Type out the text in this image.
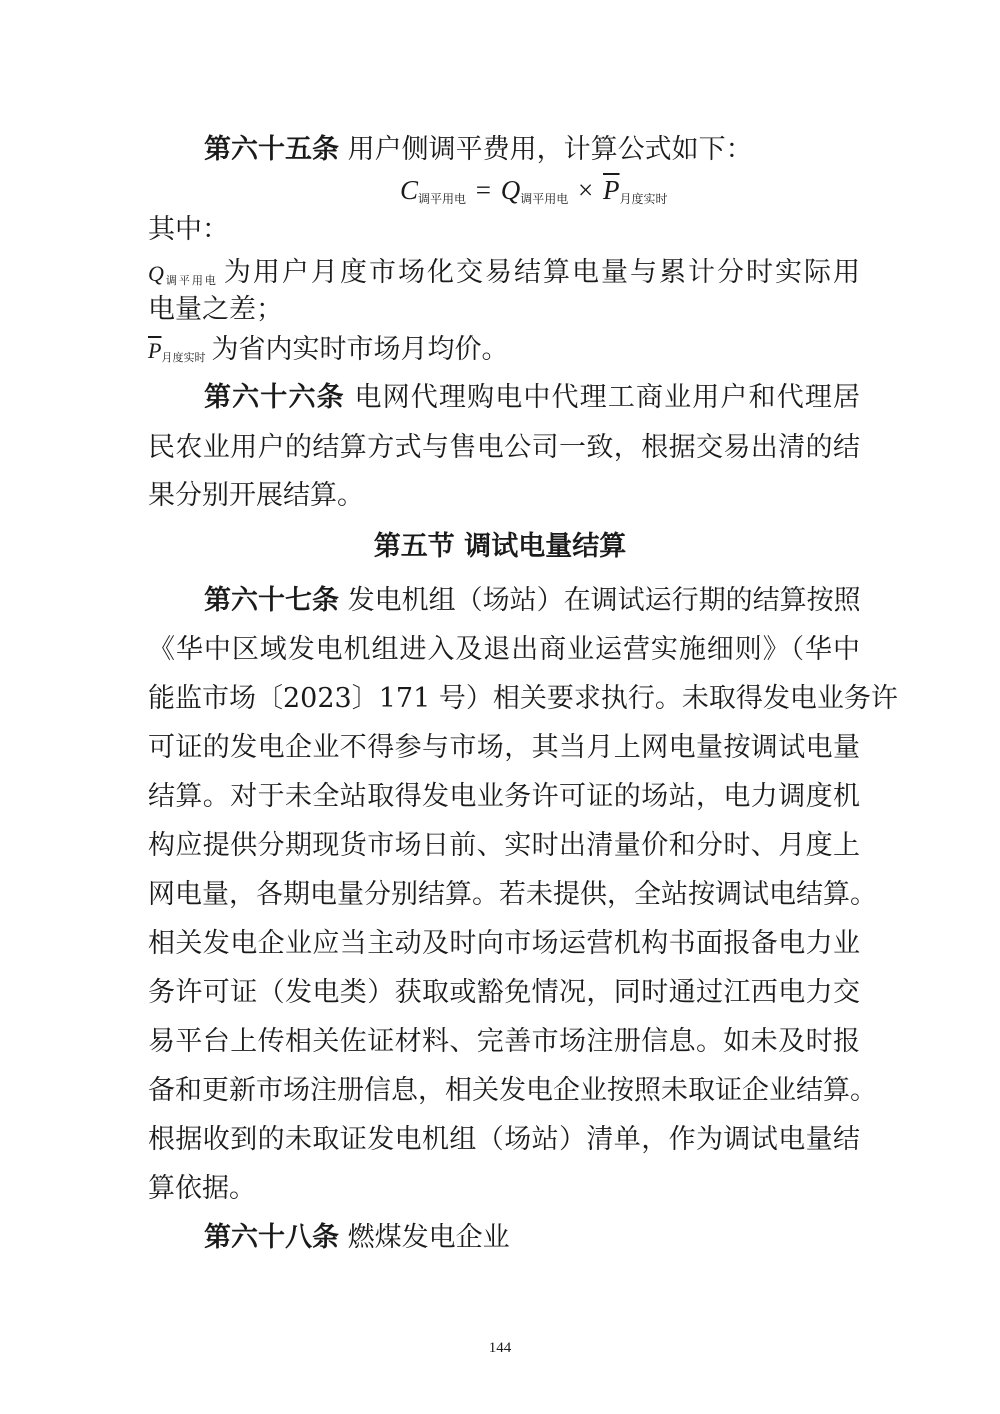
第六十五条 用户侧调平费用，计算公式如下：
$C_{调平用电} = Q_{调平用电} \times \overline{P}_{月度实时}$
其中：
Q调平用电 为用户月度市场化交易结算电量与累计分时实际用
电量之差；
$\overline{P}$月度实时 为省内实时市场月均价。
第六十六条 电网代理购电中代理工商业用户和代理居
民农业用户的结算方式与售电公司一致，根据交易出清的结
果分别开展结算。
第五节 调试电量结算
第六十七条 发电机组（场站）在调试运行期的结算按照
《华中区域发电机组进入及退出商业运营实施细则》（华中
能监市场〔2023〕171 号）相关要求执行。未取得发电业务许
可证的发电企业不得参与市场，其当月上网电量按调试电量
结算。对于未全站取得发电业务许可证的场站，电力调度机
构应提供分期现货市场日前、实时出清量价和分时、月度上
网电量，各期电量分别结算。若未提供，全站按调试电结算。
相关发电企业应当主动及时向市场运营机构书面报备电力业
务许可证（发电类）获取或豁免情况，同时通过江西电力交
易平台上传相关佐证材料、完善市场注册信息。如未及时报
备和更新市场注册信息，相关发电企业按照未取证企业结算。
根据收到的未取证发电机组（场站）清单，作为调试电量结
算依据。
第六十八条 燃煤发电企业
144
